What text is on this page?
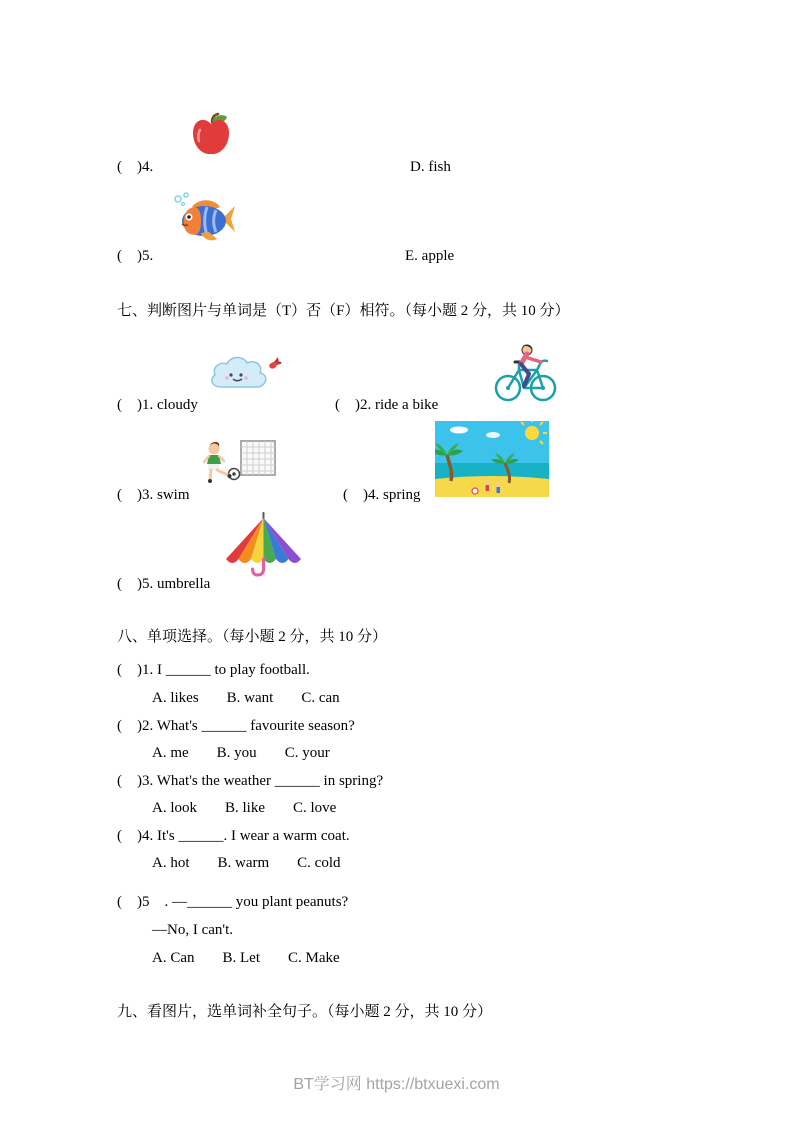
(　)4.	D. fish
(　)5.	E. apple
七、判断图片与单词是（T）否（F）相符。（每小题 2 分，共 10 分）
(　)1. cloudy	(　)2. ride a bike
(　)3. swim	(　)4. spring
(　)5. umbrella
八、单项选择。（每小题 2 分，共 10 分）
(　)1. I ______ to play football.
A. likes B. want C. can
(　)2. What's ______ favourite season?
A. me B. you C. your
(　)3. What's the weather ______ in spring?
A. look B. like C. love
(　)4. It's ______. I wear a warm coat.
A. hot B. warm C. cold
(　)5　. —______ you plant peanuts?
—No, I can't.
A. Can B. Let C. Make
九、看图片，选单词补全句子。（每小题 2 分，共 10 分）
BT学习网 https://btxuexi.com
